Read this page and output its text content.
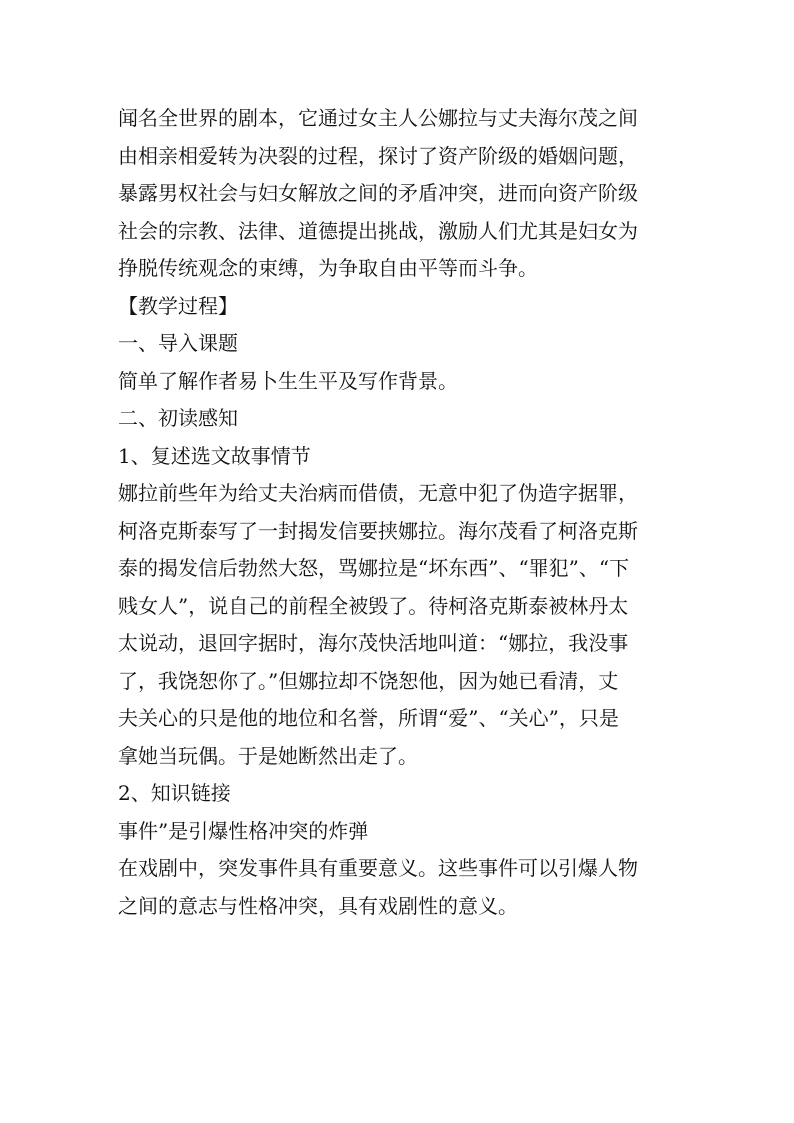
闻名全世界的剧本，它通过女主人公娜拉与丈夫海尔茂之间
由相亲相爱转为决裂的过程，探讨了资产阶级的婚姻问题，
暴露男权社会与妇女解放之间的矛盾冲突，进而向资产阶级
社会的宗教、法律、道德提出挑战，激励人们尤其是妇女为
挣脱传统观念的束缚，为争取自由平等而斗争。
【教学过程】
一、导入课题
简单了解作者易卜生生平及写作背景。
二、初读感知
1、复述选文故事情节
娜拉前些年为给丈夫治病而借债，无意中犯了伪造字据罪，
柯洛克斯泰写了一封揭发信要挟娜拉。海尔茂看了柯洛克斯
泰的揭发信后勃然大怒，骂娜拉是“坏东西”、“罪犯”、“下
贱女人”，说自己的前程全被毁了。待柯洛克斯泰被林丹太
太说动，退回字据时，海尔茂快活地叫道：“娜拉，我没事
了，我饶恕你了。”但娜拉却不饶恕他，因为她已看清，丈
夫关心的只是他的地位和名誉，所谓“爱”、“关心”，只是
拿她当玩偶。于是她断然出走了。
2、知识链接
事件”是引爆性格冲突的炸弹
在戏剧中，突发事件具有重要意义。这些事件可以引爆人物
之间的意志与性格冲突，具有戏剧性的意义。
